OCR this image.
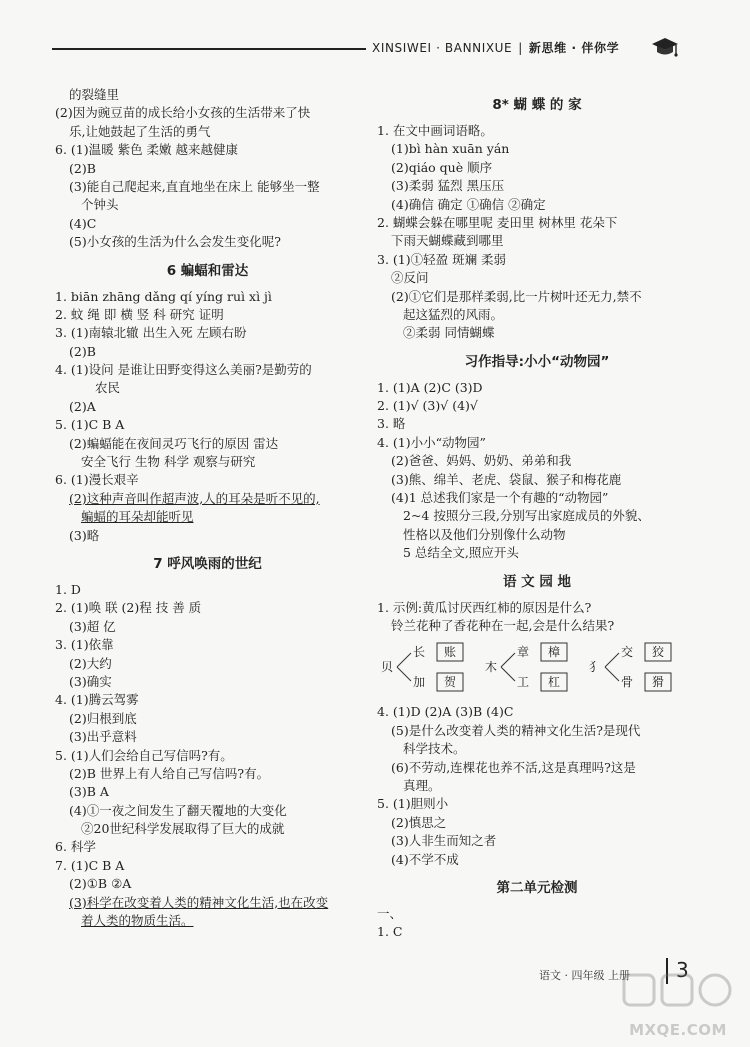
XINSIWEI · BANNIXUE | 新思维 · 伴你学
的裂缝里
(2)因为豌豆苗的成长给小女孩的生活带来了快
乐,让她鼓起了生活的勇气
6. (1)温暖 紫色 柔嫩 越来越健康
(2)B
(3)能自己爬起来,直直地坐在床上 能够坐一整
个钟头
(4)C
(5)小女孩的生活为什么会发生变化呢?
6 蝙蝠和雷达
1. biān zhāng dǎng qí yíng ruì xì jì
2. 蚊 绳 即 横 竖 科 研究 证明
3. (1)南辕北辙 出生入死 左顾右盼
(2)B
4. (1)设问 是谁让田野变得这么美丽?是勤劳的
农民
(2)A
5. (1)C B A
(2)蝙蝠能在夜间灵巧飞行的原因 雷达
安全飞行 生物 科学 观察与研究
6. (1)漫长艰辛
(2)这种声音叫作超声波,人的耳朵是听不见的,
蝙蝠的耳朵却能听见
(3)略
7 呼风唤雨的世纪
1. D
2. (1)唤 联 (2)程 技 善 质
(3)超 亿
3. (1)依靠
(2)大约
(3)确实
4. (1)腾云驾雾
(2)归根到底
(3)出乎意料
5. (1)人们会给自己写信吗?有。
(2)B 世界上有人给自己写信吗?有。
(3)B A
(4)①一夜之间发生了翻天覆地的大变化
②20世纪科学发展取得了巨大的成就
6. 科学
7. (1)C B A
(2)①B ②A
(3)科学在改变着人类的精神文化生活,也在改变
着人类的物质生活。
8* 蝴 蝶 的 家
1. 在文中画词语略。
(1)bì hàn xuān yán
(2)qiáo què 顺序
(3)柔弱 猛烈 黑压压
(4)确信 确定 ①确信 ②确定
2. 蝴蝶会躲在哪里呢 麦田里 树林里 花朵下
下雨天蝴蝶藏到哪里
3. (1)①轻盈 斑斓 柔弱
②反问
(2)①它们是那样柔弱,比一片树叶还无力,禁不
起这猛烈的风雨。
②柔弱 同情蝴蝶
习作指导:小小“动物园”
1. (1)A (2)C (3)D
2. (1)√ (3)√ (4)√
3. 略
4. (1)小小“动物园”
(2)爸爸、妈妈、奶奶、弟弟和我
(3)熊、绵羊、老虎、袋鼠、猴子和梅花鹿
(4)1 总述我们家是一个有趣的“动物园”
2~4 按照分三段,分别写出家庭成员的外貌、
性格以及他们分别像什么动物
5 总结全文,照应开头
语 文 园 地
1. 示例:黄瓜讨厌西红柿的原因是什么?
铃兰花种了香花种在一起,会是什么结果?
贝
长
加
账
贺
木
章
工
樟
杠
犭
交
骨
狡
猾
4. (1)D (2)A (3)B (4)C
(5)是什么改变着人类的精神文化生活?是现代
科学技术。
(6)不劳动,连棵花也养不活,这是真理吗?这是
真理。
5. (1)胆则小
(2)慎思之
(3)人非生而知之者
(4)不学不成
第二单元检测
一、
1. C
语文 · 四年级 上册 3
MXQE.COM
